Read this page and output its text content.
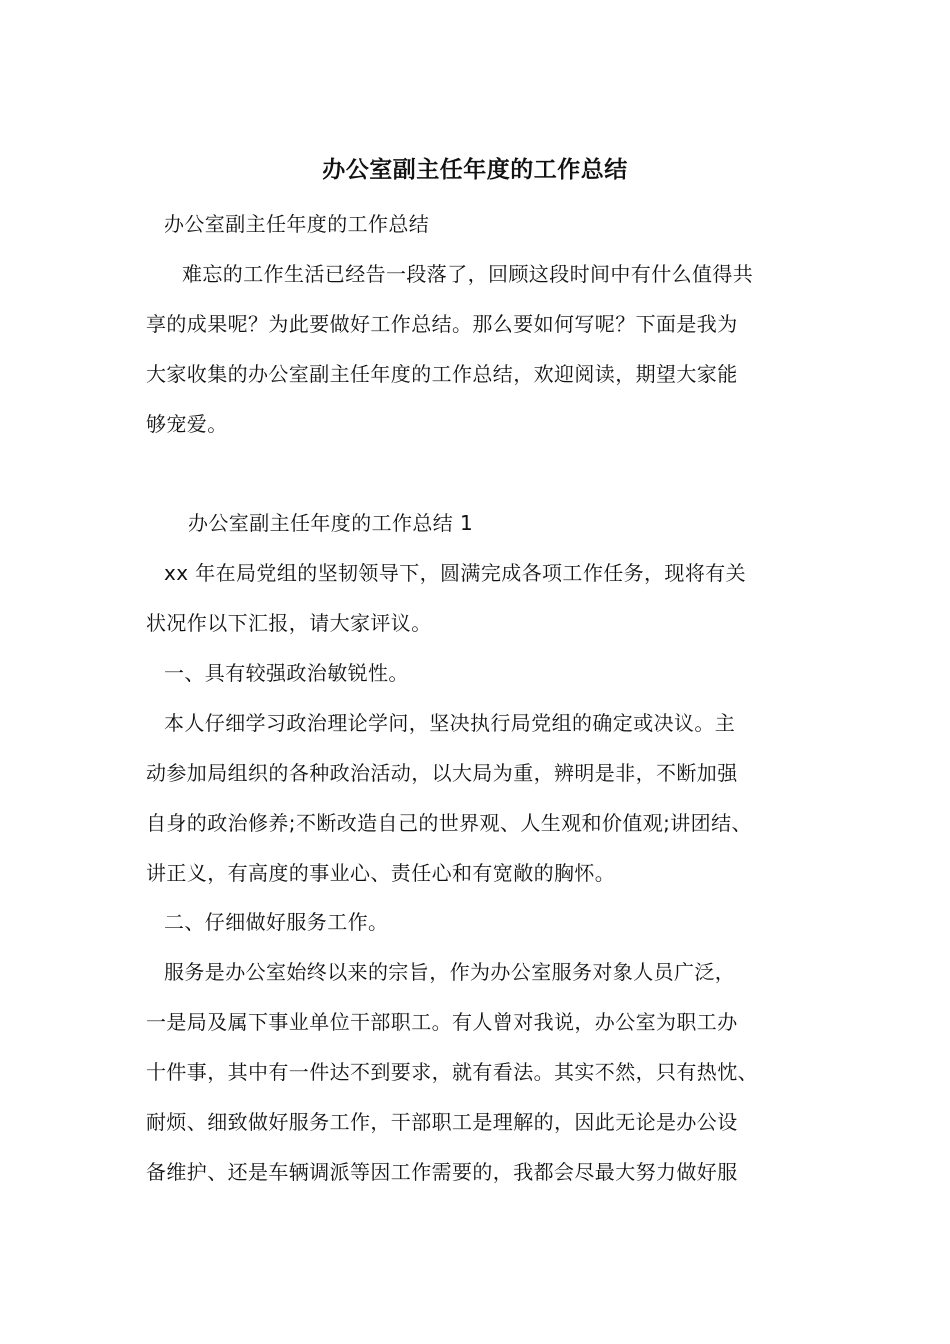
办公室副主任年度的工作总结
办公室副主任年度的工作总结
难忘的工作生活已经告一段落了，回顾这段时间中有什么值得共
享的成果呢？为此要做好工作总结。那么要如何写呢？下面是我为
大家收集的办公室副主任年度的工作总结，欢迎阅读，期望大家能
够宠爱。
办公室副主任年度的工作总结 1
xx 年在局党组的坚韧领导下，圆满完成各项工作任务，现将有关
状况作以下汇报，请大家评议。
一、具有较强政治敏锐性。
本人仔细学习政治理论学问，坚决执行局党组的确定或决议。主
动参加局组织的各种政治活动，以大局为重，辨明是非，不断加强
自身的政治修养;不断改造自己的世界观、人生观和价值观;讲团结、
讲正义，有高度的事业心、责任心和有宽敞的胸怀。
二、仔细做好服务工作。
服务是办公室始终以来的宗旨，作为办公室服务对象人员广泛，
一是局及属下事业单位干部职工。有人曾对我说，办公室为职工办
十件事，其中有一件达不到要求，就有看法。其实不然，只有热忱、
耐烦、细致做好服务工作，干部职工是理解的，因此无论是办公设
备维护、还是车辆调派等因工作需要的，我都会尽最大努力做好服
